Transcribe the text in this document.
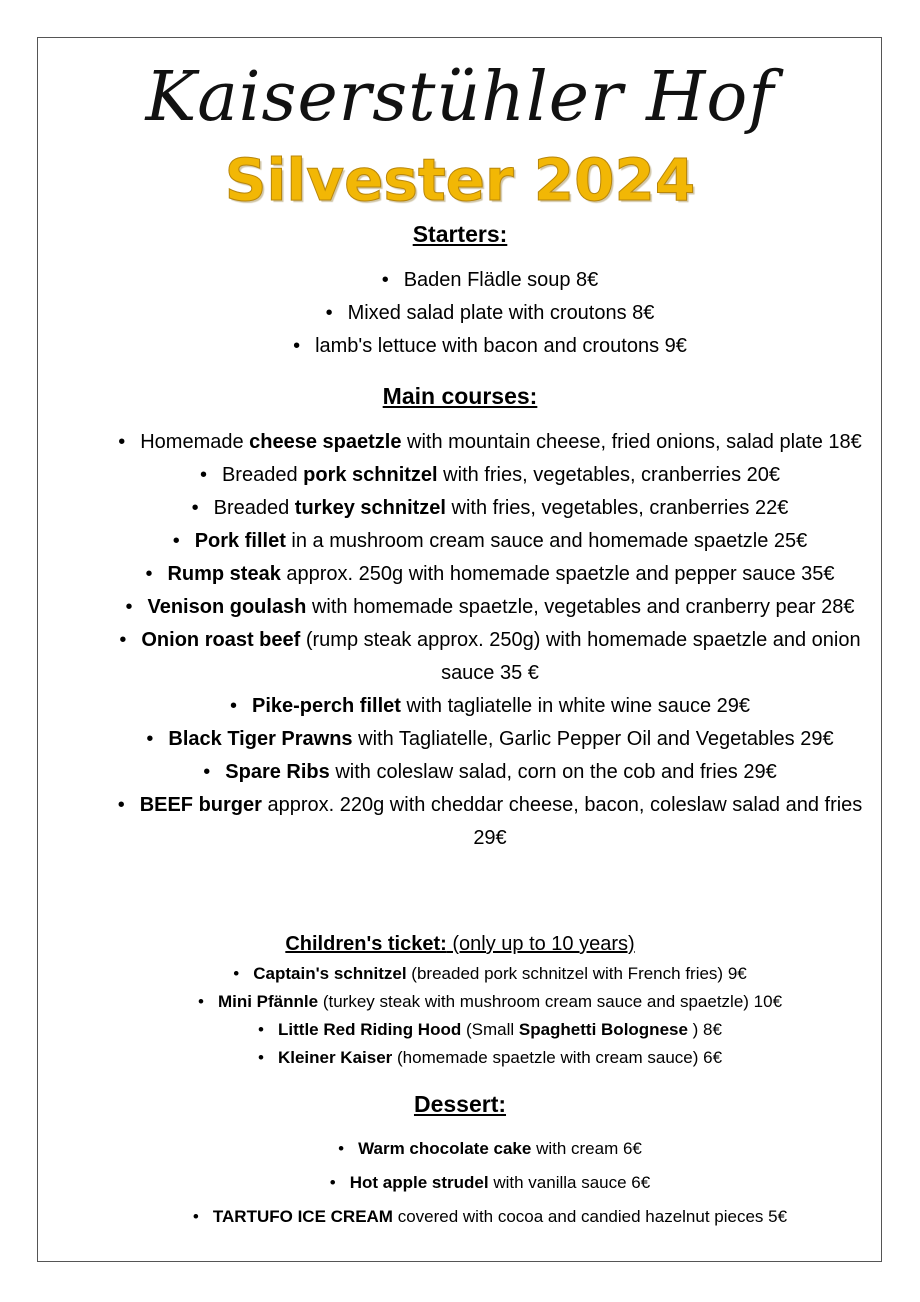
Kaiserstühler Hof
Silvester 2024
Starters:
• Baden Flädle soup 8€
• Mixed salad plate with croutons 8€
• lamb's lettuce with bacon and croutons 9€
Main courses:
• Homemade cheese spaetzle with mountain cheese, fried onions, salad plate 18€
• Breaded pork schnitzel with fries, vegetables, cranberries 20€
• Breaded turkey schnitzel with fries, vegetables, cranberries 22€
• Pork fillet in a mushroom cream sauce and homemade spaetzle 25€
• Rump steak approx. 250g with homemade spaetzle and pepper sauce 35€
• Venison goulash with homemade spaetzle, vegetables and cranberry pear 28€
• Onion roast beef (rump steak approx. 250g) with homemade spaetzle and onion sauce 35 €
• Pike-perch fillet with tagliatelle in white wine sauce 29€
• Black Tiger Prawns with Tagliatelle, Garlic Pepper Oil and Vegetables 29€
• Spare Ribs with coleslaw salad, corn on the cob and fries 29€
• BEEF burger approx. 220g with cheddar cheese, bacon, coleslaw salad and fries 29€
Children's ticket: (only up to 10 years)
• Captain's schnitzel (breaded pork schnitzel with French fries) 9€
• Mini Pfännle (turkey steak with mushroom cream sauce and spaetzle) 10€
• Little Red Riding Hood (Small Spaghetti Bolognese ) 8€
• Kleiner Kaiser (homemade spaetzle with cream sauce) 6€
Dessert:
• Warm chocolate cake with cream 6€
• Hot apple strudel with vanilla sauce 6€
• TARTUFO ICE CREAM covered with cocoa and candied hazelnut pieces 5€
